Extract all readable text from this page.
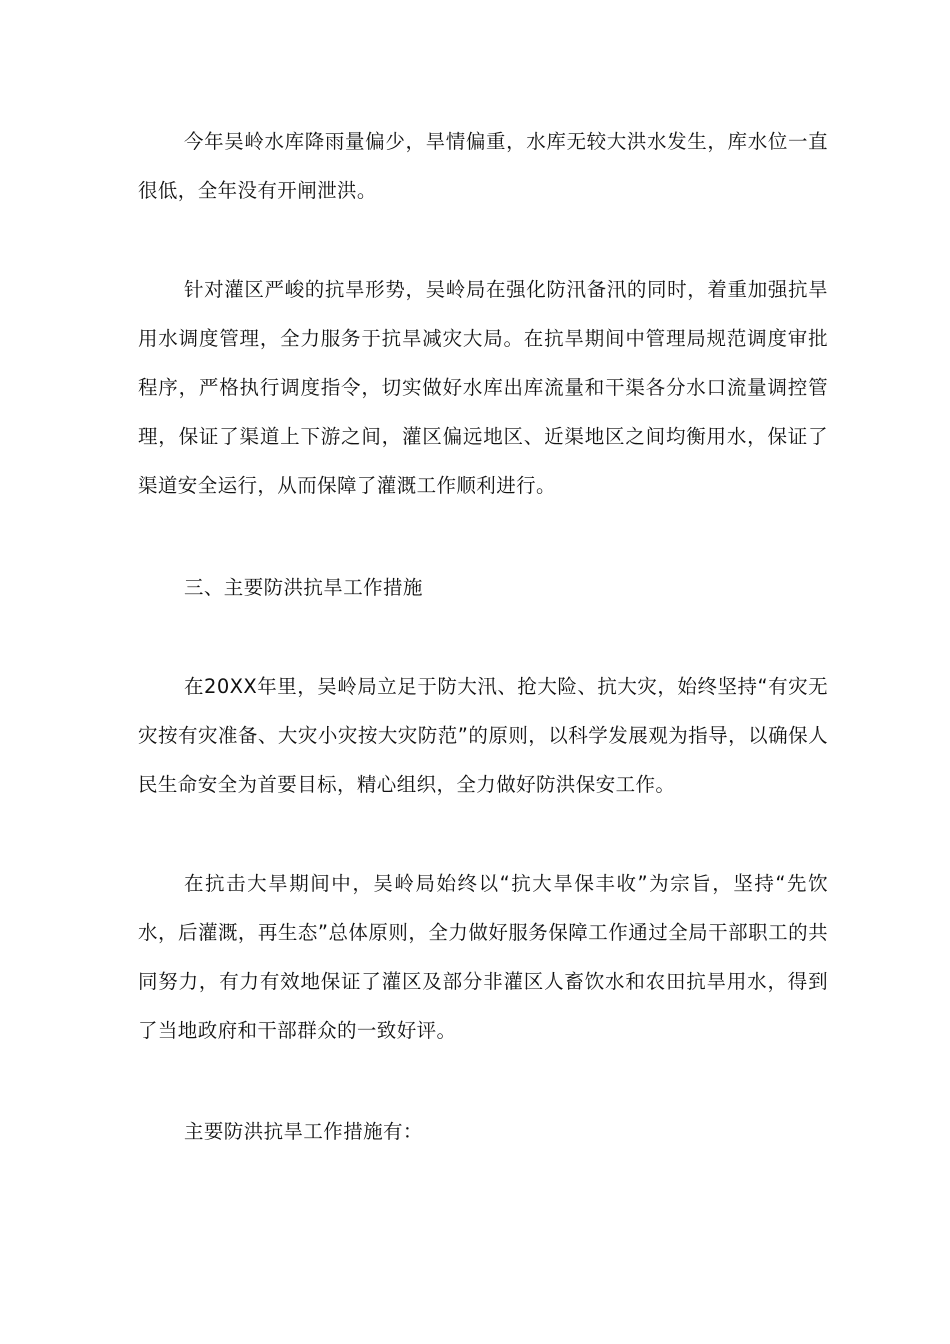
今年吴岭水库降雨量偏少，旱情偏重，水库无较大洪水发生，库水位一直很低，全年没有开闸泄洪。

针对灌区严峻的抗旱形势，吴岭局在强化防汛备汛的同时，着重加强抗旱用水调度管理，全力服务于抗旱减灾大局。在抗旱期间中管理局规范调度审批程序，严格执行调度指令，切实做好水库出库流量和干渠各分水口流量调控管理，保证了渠道上下游之间，灌区偏远地区、近渠地区之间均衡用水，保证了渠道安全运行，从而保障了灌溉工作顺利进行。

三、主要防洪抗旱工作措施

在20XX年里，吴岭局立足于防大汛、抢大险、抗大灾，始终坚持“有灾无灾按有灾准备、大灾小灾按大灾防范”的原则，以科学发展观为指导，以确保人民生命安全为首要目标，精心组织，全力做好防洪保安工作。

在抗击大旱期间中，吴岭局始终以“抗大旱保丰收”为宗旨，坚持“先饮水，后灌溉，再生态”总体原则，全力做好服务保障工作通过全局干部职工的共同努力，有力有效地保证了灌区及部分非灌区人畜饮水和农田抗旱用水，得到了当地政府和干部群众的一致好评。

主要防洪抗旱工作措施有：
